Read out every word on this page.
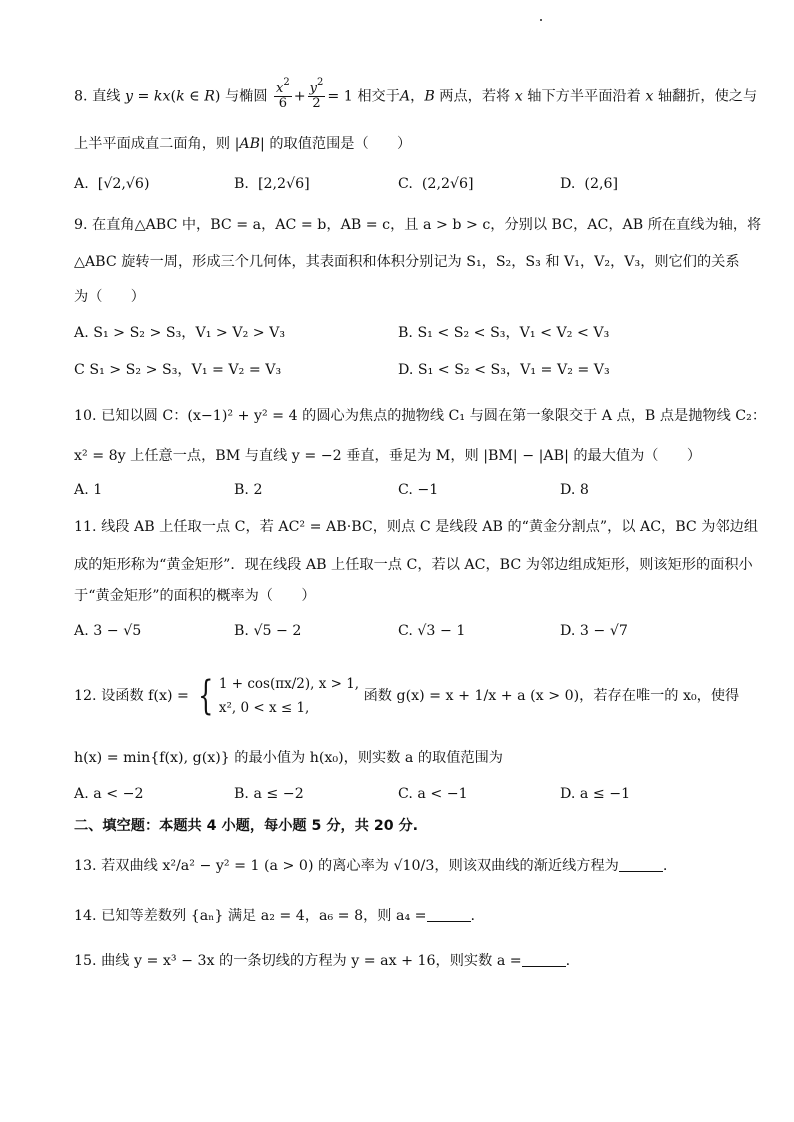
8. 直线 y = kx(k ∈ R) 与椭圆 $\frac{x^2}{6} + \frac{y^2}{2} = 1$ 相交于A，B 两点，若将 x 轴下方半平面沿着 x 轴翻折，使之与
上半平面成直二面角，则 |AB| 的取值范围是（　　）
A.  [√2,√6)	B.  [2,2√6]	C.  (2,2√6]	D.  (2,6]
9. 在直角△ABC 中，BC = a，AC = b，AB = c，且 a > b > c，分别以 BC，AC，AB 所在直线为轴，将
△ABC 旋转一周，形成三个几何体，其表面积和体积分别记为 S₁，S₂，S₃ 和 V₁，V₂，V₃，则它们的关系
为（　　）
A. S₁ > S₂ > S₃，V₁ > V₂ > V₃	B. S₁ < S₂ < S₃，V₁ < V₂ < V₃
C S₁ > S₂ > S₃，V₁ = V₂ = V₃	D. S₁ < S₂ < S₃，V₁ = V₂ = V₃
10. 已知以圆 C：(x−1)² + y² = 4 的圆心为焦点的抛物线 C₁ 与圆在第一象限交于 A 点，B 点是抛物线 C₂：
x² = 8y 上任意一点，BM 与直线 y = −2 垂直，垂足为 M，则 |BM| − |AB| 的最大值为（　　）
A. 1	B. 2	C. −1	D. 8
11. 线段 AB 上任取一点 C，若 AC² = AB·BC，则点 C 是线段 AB 的“黄金分割点”，以 AC，BC 为邻边组
成的矩形称为“黄金矩形”．现在线段 AB 上任取一点 C，若以 AC，BC 为邻边组成矩形，则该矩形的面积小
于“黄金矩形”的面积的概率为（　　）
A. 3 − √5	B. √5 − 2	C. √3 − 1	D. 3 − √7
12. 设函数 f(x) = { 1 + cos(πx/2), x > 1,
x², 0 < x ≤ 1,
函数 g(x) = x + 1/x + a (x > 0)，若存在唯一的 x₀，使得
h(x) = min{f(x), g(x)} 的最小值为 h(x₀)，则实数 a 的取值范围为
A. a < −2	B. a ≤ −2	C. a < −1	D. a ≤ −1
二、填空题：本题共 4 小题，每小题 5 分，共 20 分.
13. 若双曲线 x²/a² − y² = 1 (a > 0) 的离心率为 √10/3，则该双曲线的渐近线方程为	.
14. 已知等差数列 {aₙ} 满足 a₂ = 4，a₆ = 8，则 a₄ =	.
15. 曲线 y = x³ − 3x 的一条切线的方程为 y = ax + 16，则实数 a =	.
